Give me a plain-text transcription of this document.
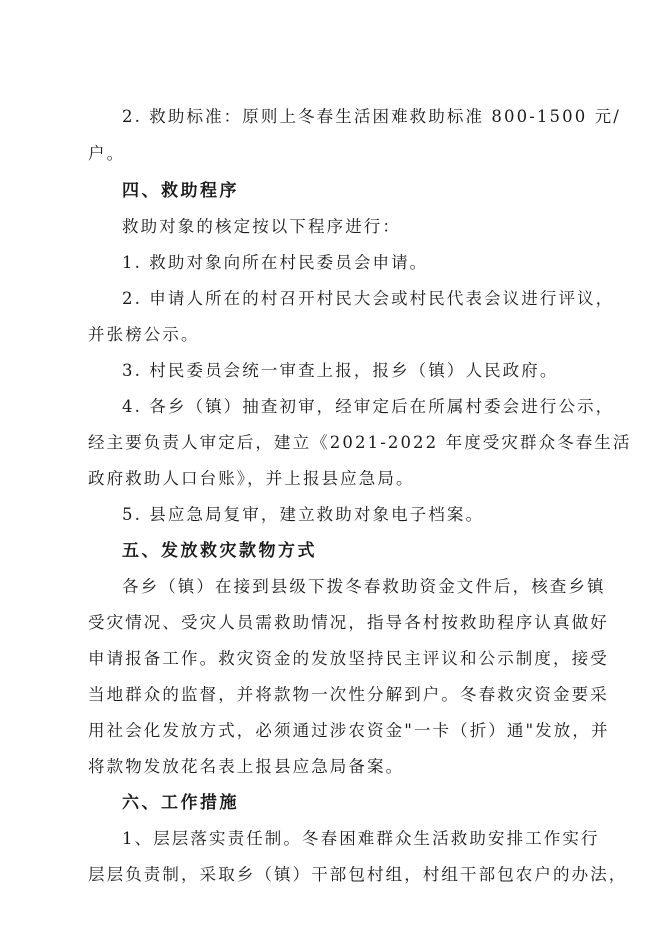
2. 救助标准：原则上冬春生活困难救助标准 800-1500 元/
户。
四、救助程序
救助对象的核定按以下程序进行：
1. 救助对象向所在村民委员会申请。
2. 申请人所在的村召开村民大会或村民代表会议进行评议，
并张榜公示。
3. 村民委员会统一审查上报，报乡（镇）人民政府。
4. 各乡（镇）抽查初审，经审定后在所属村委会进行公示，
经主要负责人审定后，建立《2021-2022 年度受灾群众冬春生活
政府救助人口台账》，并上报县应急局。
5. 县应急局复审，建立救助对象电子档案。
五、发放救灾款物方式
各乡（镇）在接到县级下拨冬春救助资金文件后，核查乡镇
受灾情况、受灾人员需救助情况，指导各村按救助程序认真做好
申请报备工作。救灾资金的发放坚持民主评议和公示制度，接受
当地群众的监督，并将款物一次性分解到户。冬春救灾资金要采
用社会化发放方式，必须通过涉农资金"一卡（折）通"发放，并
将款物发放花名表上报县应急局备案。
六、工作措施
1、层层落实责任制。冬春困难群众生活救助安排工作实行
层层负责制，采取乡（镇）干部包村组，村组干部包农户的办法，
